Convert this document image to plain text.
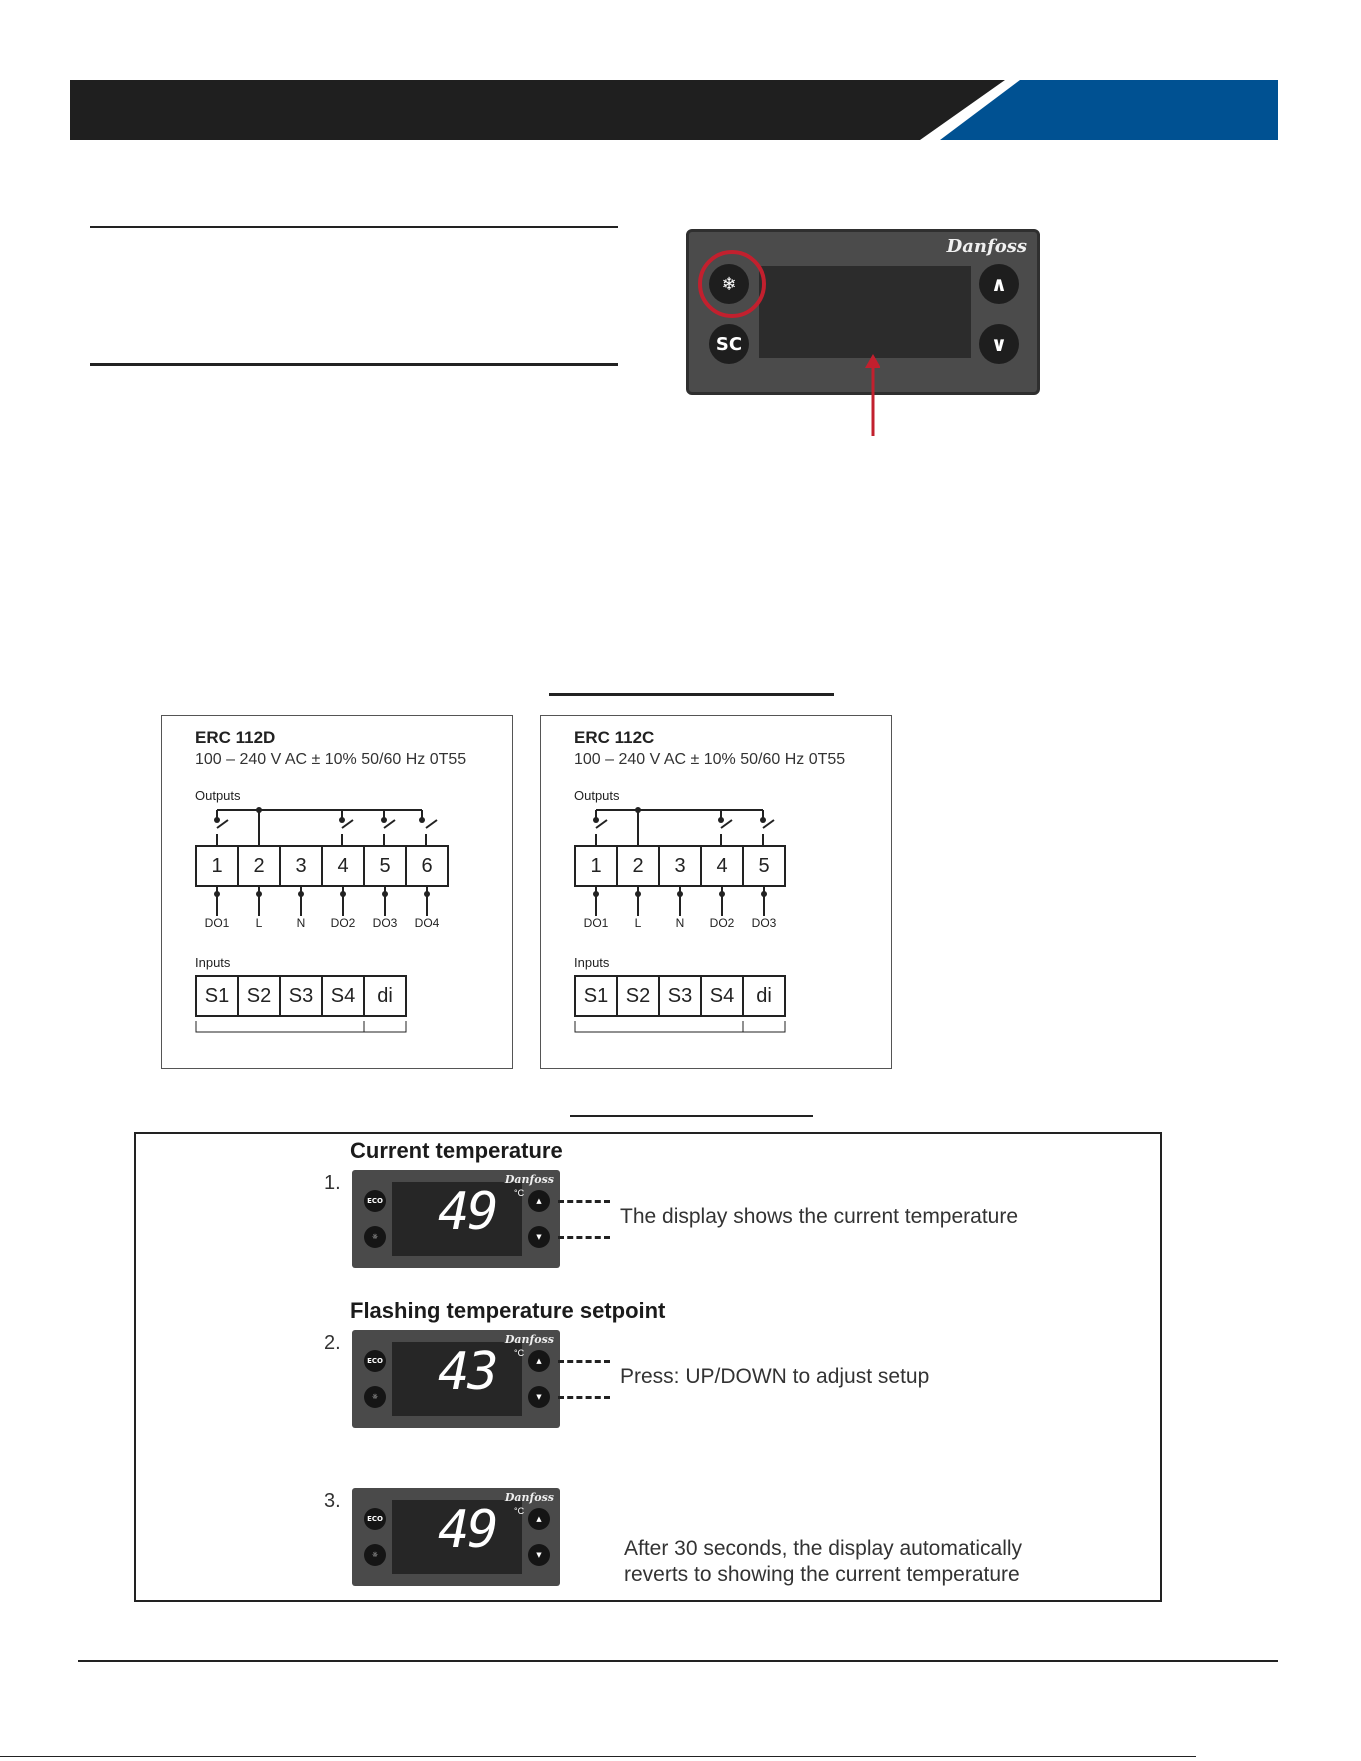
Danfoss
❄
SC
∧
∨
ERC 112D
100 – 240 V AC ± 10% 50/60 Hz 0T55
Outputs
1	2	3	4	5	6
DO1	L	N	DO2	DO3	DO4
Inputs
S1 S2 S3 S4	di
ERC 112C
100 – 240 V AC ± 10% 50/60 Hz 0T55
Outputs
1	2	3	4	5
DO1	L	N	DO2	DO3
Inputs
S1 S2 S3 S4	di
Current temperature
1.	Danfoss
ECO
☼
▲
▼
49 °C
The display shows the current temperature
Flashing temperature setpoint
2.	Danfoss
ECO
☼
▲
▼
43 °C
Press: UP/DOWN to adjust setup
3.	Danfoss
ECO
☼
▲
▼
49 °C
After 30 seconds, the display automatically
reverts to showing the current temperature
